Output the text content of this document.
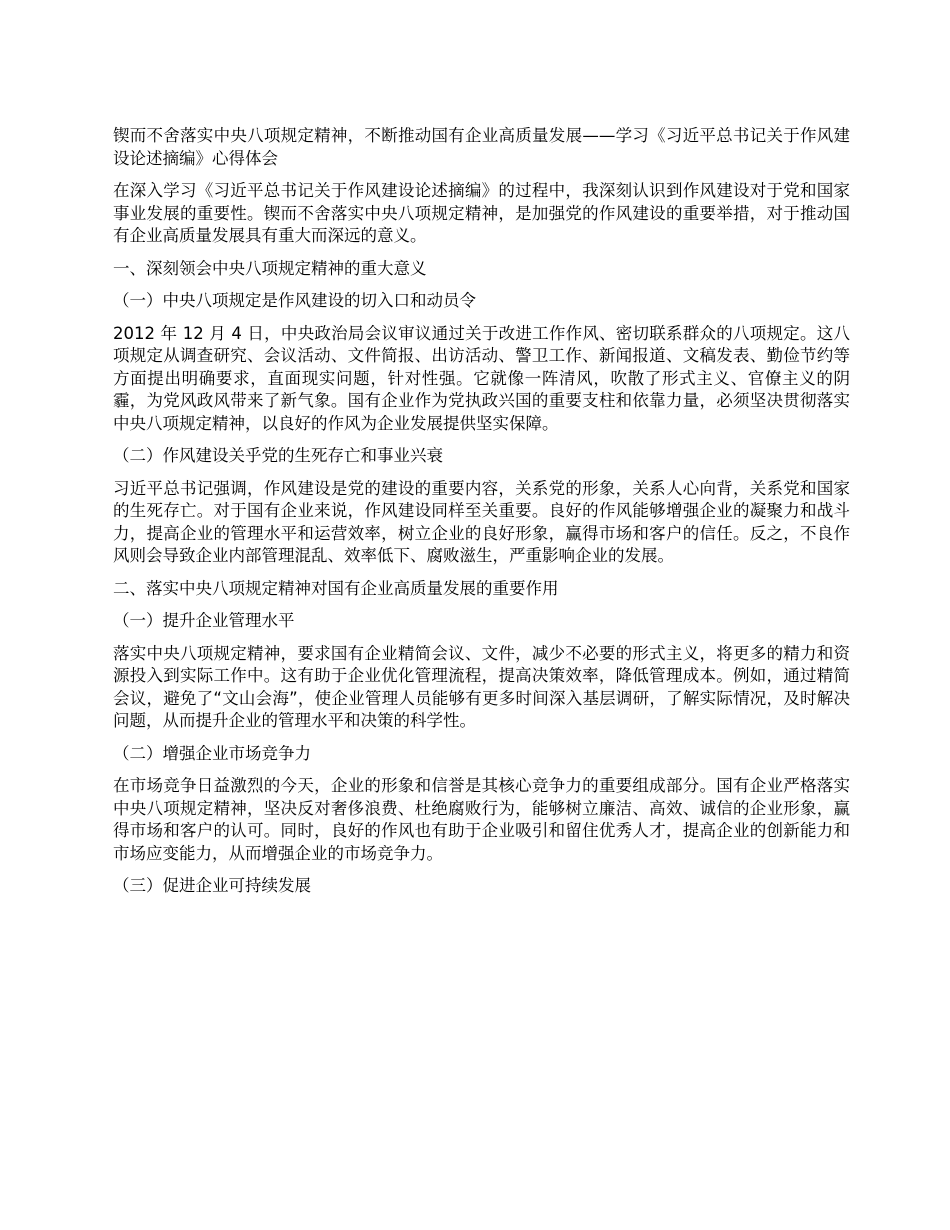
锲而不舍落实中央八项规定精神，不断推动国有企业高质量发展——学习《习近平总书记关于作风建设论述摘编》心得体会

在深入学习《习近平总书记关于作风建设论述摘编》的过程中，我深刻认识到作风建设对于党和国家事业发展的重要性。锲而不舍落实中央八项规定精神，是加强党的作风建设的重要举措，对于推动国有企业高质量发展具有重大而深远的意义。

一、深刻领会中央八项规定精神的重大意义

（一）中央八项规定是作风建设的切入口和动员令

2012 年 12 月 4 日，中央政治局会议审议通过关于改进工作作风、密切联系群众的八项规定。这八项规定从调查研究、会议活动、文件简报、出访活动、警卫工作、新闻报道、文稿发表、勤俭节约等方面提出明确要求，直面现实问题，针对性强。它就像一阵清风，吹散了形式主义、官僚主义的阴霾，为党风政风带来了新气象。国有企业作为党执政兴国的重要支柱和依靠力量，必须坚决贯彻落实中央八项规定精神，以良好的作风为企业发展提供坚实保障。

（二）作风建设关乎党的生死存亡和事业兴衰

习近平总书记强调，作风建设是党的建设的重要内容，关系党的形象，关系人心向背，关系党和国家的生死存亡。对于国有企业来说，作风建设同样至关重要。良好的作风能够增强企业的凝聚力和战斗力，提高企业的管理水平和运营效率，树立企业的良好形象，赢得市场和客户的信任。反之，不良作风则会导致企业内部管理混乱、效率低下、腐败滋生，严重影响企业的发展。

二、落实中央八项规定精神对国有企业高质量发展的重要作用

（一）提升企业管理水平

落实中央八项规定精神，要求国有企业精简会议、文件，减少不必要的形式主义，将更多的精力和资源投入到实际工作中。这有助于企业优化管理流程，提高决策效率，降低管理成本。例如，通过精简会议，避免了“文山会海”，使企业管理人员能够有更多时间深入基层调研，了解实际情况，及时解决问题，从而提升企业的管理水平和决策的科学性。

（二）增强企业市场竞争力

在市场竞争日益激烈的今天，企业的形象和信誉是其核心竞争力的重要组成部分。国有企业严格落实中央八项规定精神，坚决反对奢侈浪费、杜绝腐败行为，能够树立廉洁、高效、诚信的企业形象，赢得市场和客户的认可。同时，良好的作风也有助于企业吸引和留住优秀人才，提高企业的创新能力和市场应变能力，从而增强企业的市场竞争力。

（三）促进企业可持续发展
